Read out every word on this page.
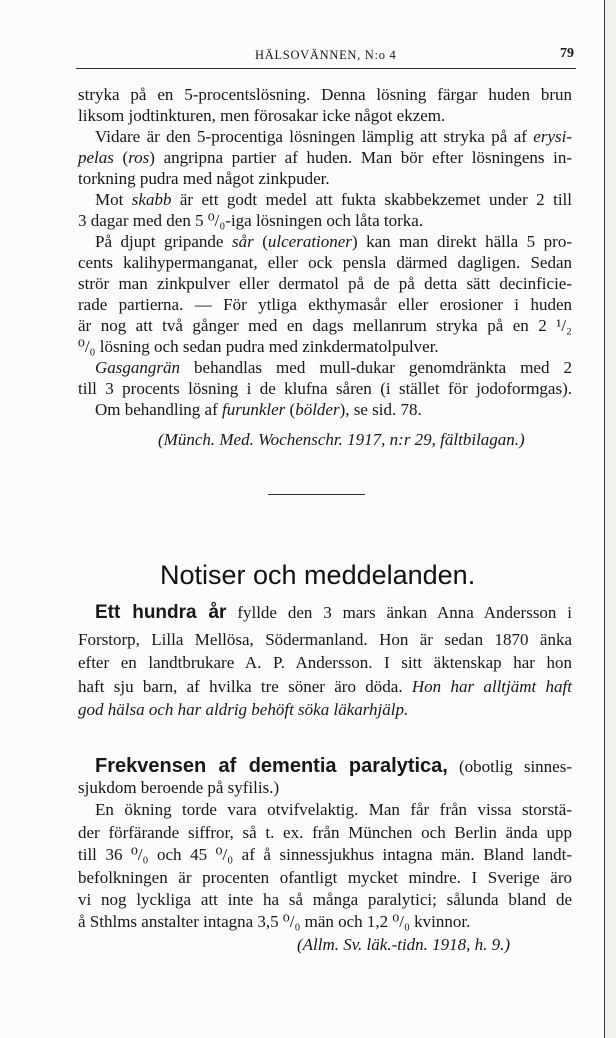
HÄLSOVÄNNEN, N:o 4	79
stryka på en 5-procentslösning. Denna lösning färgar huden brun
liksom jodtinkturen, men förosakar icke något ekzem.
Vidare är den 5-procentiga lösningen lämplig att stryka på af erysi-
pelas (ros) angripna partier af huden. Man bör efter lösningens in-
torkning pudra med något zinkpuder.
Mot skabb är ett godt medel att fukta skabbekzemet under 2 till
3 dagar med den 5 ⁰/₀-iga lösningen och låta torka.
På djupt gripande sår (ulcerationer) kan man direkt hälla 5 pro-
cents kalihypermanganat, eller ock pensla därmed dagligen. Sedan
strör man zinkpulver eller dermatol på de på detta sätt decinficie-
rade partierna. — För ytliga ekthymasår eller erosioner i huden
är nog att två gånger med en dags mellanrum stryka på en 2 ¹/₂
⁰/₀ lösning och sedan pudra med zinkdermatolpulver.
Gasgangrän behandlas med mull-dukar genomdränkta med 2
till 3 procents lösning i de klufna såren (i stället för jodoformgas).
Om behandling af furunkler (bölder), se sid. 78.
(Münch. Med. Wochenschr. 1917, n:r 29, fältbilagan.)
Notiser och meddelanden.
Ett hundra år fyllde den 3 mars änkan Anna Andersson i
Forstorp, Lilla Mellösa, Södermanland. Hon är sedan 1870 änka
efter en landtbrukare A. P. Andersson. I sitt äktenskap har hon
haft sju barn, af hvilka tre söner äro döda. Hon har alltjämt haft
god hälsa och har aldrig behöft söka läkarhjälp.
Frekvensen af dementia paralytica, (obotlig sinnes-
sjukdom beroende på syfilis.)
En ökning torde vara otvifvelaktig. Man får från vissa storstä-
der förfärande siffror, så t. ex. från München och Berlin ända upp
till 36 ⁰/₀ och 45 ⁰/₀ af å sinnessjukhus intagna män. Bland landt-
befolkningen är procenten ofantligt mycket mindre. I Sverige äro
vi nog lyckliga att inte ha så många paralytici; sålunda bland de
å Sthlms anstalter intagna 3,5 ⁰/₀ män och 1,2 ⁰/₀ kvinnor.
(Allm. Sv. läk.-tidn. 1918, h. 9.)
